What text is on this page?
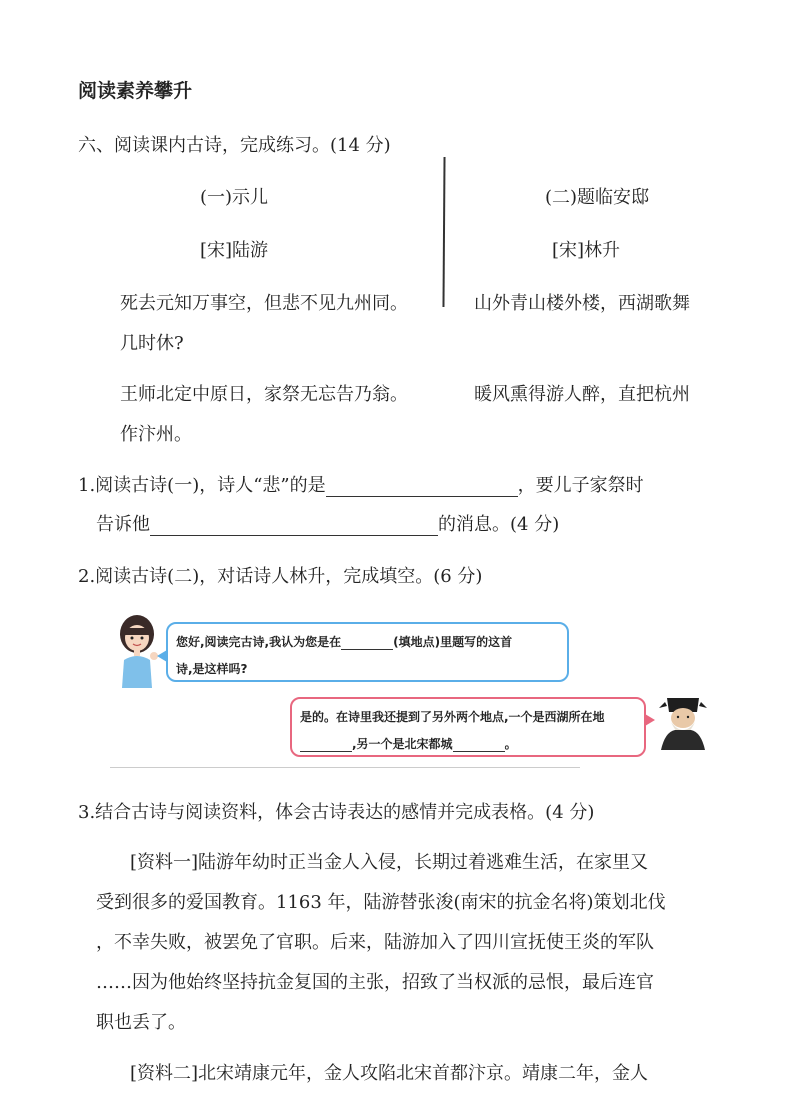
阅读素养攀升
六、阅读课内古诗，完成练习。(14 分)
(一)示儿
[宋]陆游
(二)题临安邸
[宋]林升
死去元知万事空，但悲不见九州同。	山外青山楼外楼，西湖歌舞
几时休?
王师北定中原日，家祭无忘告乃翁。	暖风熏得游人醉，直把杭州
作汴州。
1.阅读古诗(一)，诗人“悲”的是	，要儿子家祭时
告诉他	的消息。(4 分)
2.阅读古诗(二)，对话诗人林升，完成填空。(6 分)
您好,阅读完古诗,我认为您是在	(填地点)里题写的这首
诗,是这样吗?
是的。在诗里我还提到了另外两个地点,一个是西湖所在地
,另一个是北宋都城	。
3.结合古诗与阅读资料，体会古诗表达的感情并完成表格。(4 分)
[资料一]陆游年幼时正当金人入侵，长期过着逃难生活，在家里又
受到很多的爱国教育。1163 年，陆游替张浚(南宋的抗金名将)策划北伐
，不幸失败，被罢免了官职。后来，陆游加入了四川宣抚使王炎的军队
……因为他始终坚持抗金复国的主张，招致了当权派的忌恨，最后连官
职也丢了。
[资料二]北宋靖康元年，金人攻陷北宋首都汴京。靖康二年，金人
